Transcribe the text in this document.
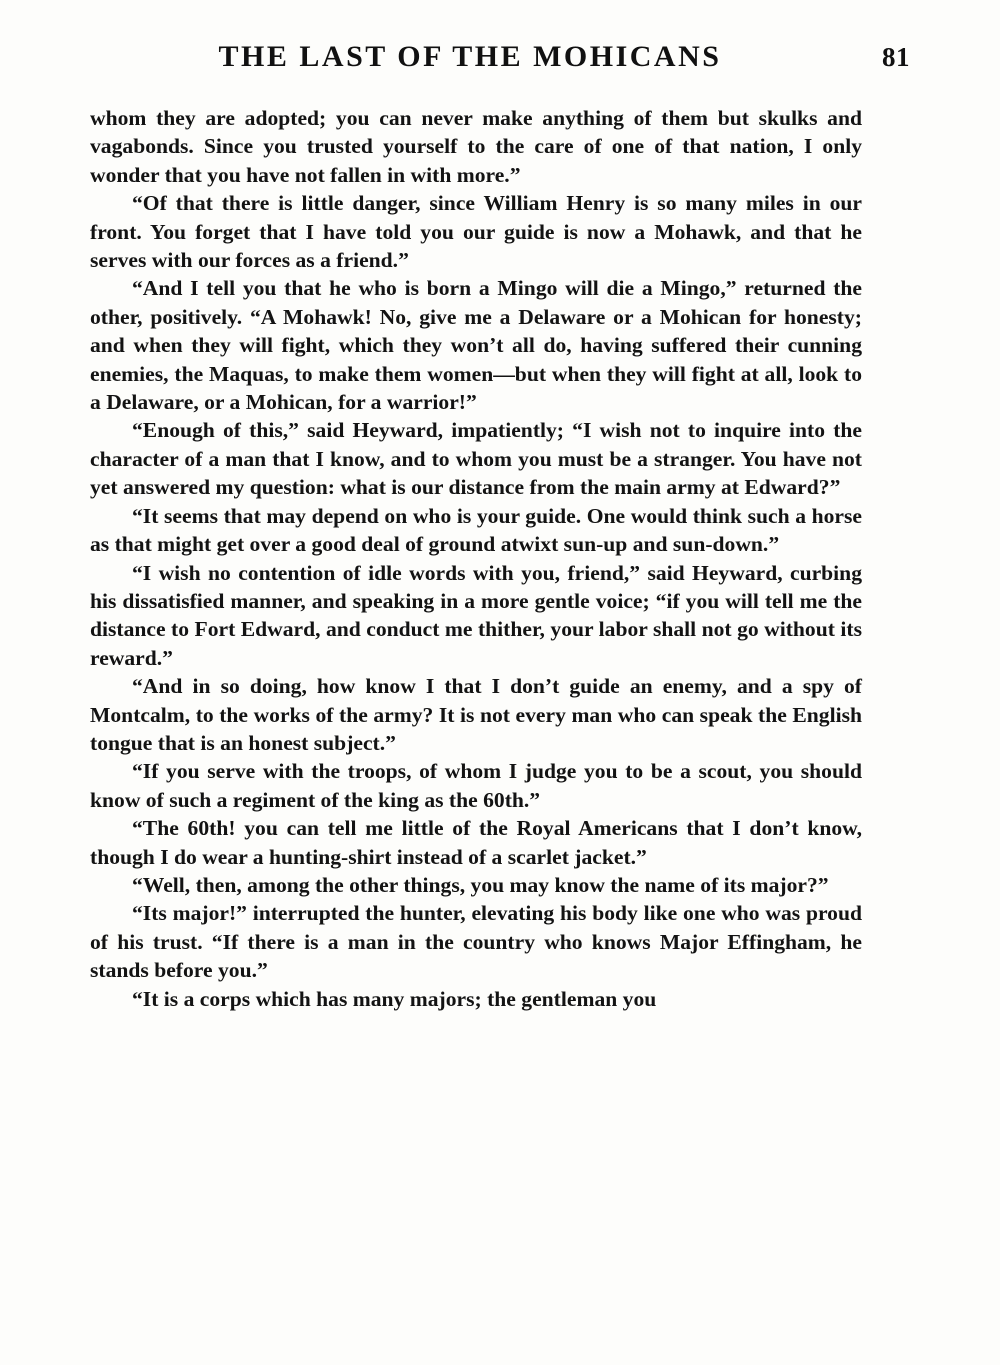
THE LAST OF THE MOHICANS	81

whom they are adopted; you can never make anything of them but skulks and vagabonds. Since you trusted yourself to the care of one of that nation, I only wonder that you have not fallen in with more.”

“Of that there is little danger, since William Henry is so many miles in our front. You forget that I have told you our guide is now a Mohawk, and that he serves with our forces as a friend.”

“And I tell you that he who is born a Mingo will die a Mingo,” returned the other, positively. “A Mohawk! No, give me a Delaware or a Mohican for honesty; and when they will fight, which they won’t all do, having suffered their cunning enemies, the Maquas, to make them women—but when they will fight at all, look to a Delaware, or a Mohican, for a warrior!”

“Enough of this,” said Heyward, impatiently; “I wish not to inquire into the character of a man that I know, and to whom you must be a stranger. You have not yet answered my question: what is our distance from the main army at Edward?”

“It seems that may depend on who is your guide. One would think such a horse as that might get over a good deal of ground atwixt sun-up and sun-down.”

“I wish no contention of idle words with you, friend,” said Heyward, curbing his dissatisfied manner, and speaking in a more gentle voice; “if you will tell me the distance to Fort Edward, and conduct me thither, your labor shall not go without its reward.”

“And in so doing, how know I that I don’t guide an enemy, and a spy of Montcalm, to the works of the army? It is not every man who can speak the English tongue that is an honest subject.”

“If you serve with the troops, of whom I judge you to be a scout, you should know of such a regiment of the king as the 60th.”

“The 60th! you can tell me little of the Royal Americans that I don’t know, though I do wear a hunting-shirt instead of a scarlet jacket.”

“Well, then, among the other things, you may know the name of its major?”

“Its major!” interrupted the hunter, elevating his body like one who was proud of his trust. “If there is a man in the country who knows Major Effingham, he stands before you.”

“It is a corps which has many majors; the gentleman you
